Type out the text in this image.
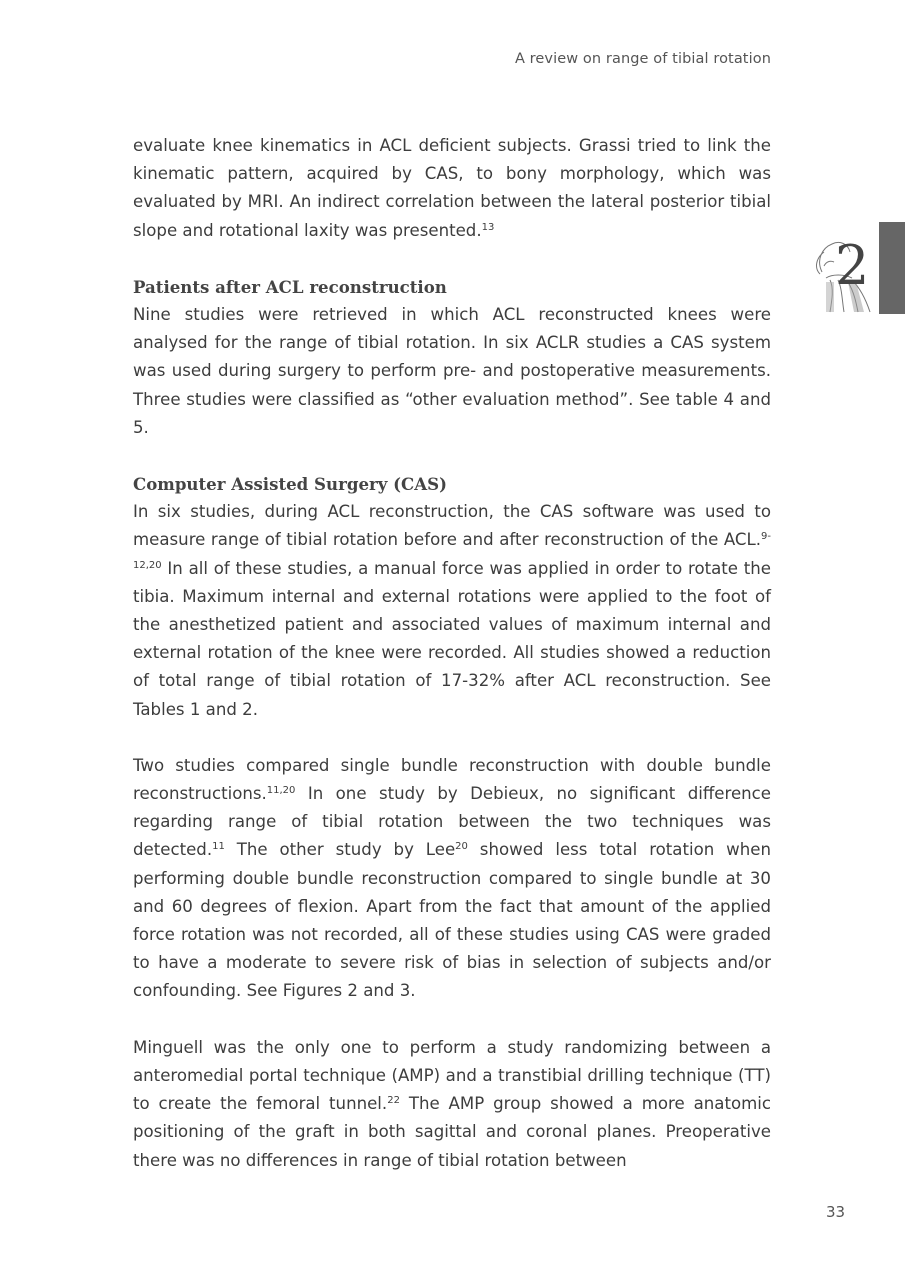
A review on range of tibial rotation
2

evaluate knee kinematics in ACL deficient subjects. Grassi tried to link the kinematic pattern, acquired by CAS, to bony morphology, which was evaluated by MRI. An indirect correlation between the lateral posterior tibial slope and rotational laxity was presented.$^{13}$

Patients after ACL reconstruction

Nine studies were retrieved in which ACL reconstructed knees were analysed for the range of tibial rotation. In six ACLR studies a CAS system was used during surgery to perform pre- and postoperative measurements. Three studies were classified as “other evaluation method”. See table 4 and 5.

Computer Assisted Surgery (CAS)

In six studies, during ACL reconstruction, the CAS software was used to measure range of tibial rotation before and after reconstruction of the ACL.$^{9-12,20}$ In all of these studies, a manual force was applied in order to rotate the tibia. Maximum internal and external rotations were applied to the foot of the anesthetized patient and associated values of maximum internal and external rotation of the knee were recorded. All studies showed a reduction of total range of tibial rotation of 17-32% after ACL reconstruction. See Tables 1 and 2.

Two studies compared single bundle reconstruction with double bundle reconstructions.$^{11,20}$ In one study by Debieux, no significant difference regarding range of tibial rotation between the two techniques was detected.$^{11}$ The other study by Lee$^{20}$ showed less total rotation when performing double bundle reconstruction compared to single bundle at 30 and 60 degrees of flexion. Apart from the fact that amount of the applied force rotation was not recorded, all of these studies using CAS were graded to have a moderate to severe risk of bias in selection of subjects and/or confounding. See Figures 2 and 3.

Minguell was the only one to perform a study randomizing between a anteromedial portal technique (AMP) and a transtibial drilling technique (TT) to create the femoral tunnel.$^{22}$ The AMP group showed a more anatomic positioning of the graft in both sagittal and coronal planes. Preoperative there was no differences in range of tibial rotation between

33
